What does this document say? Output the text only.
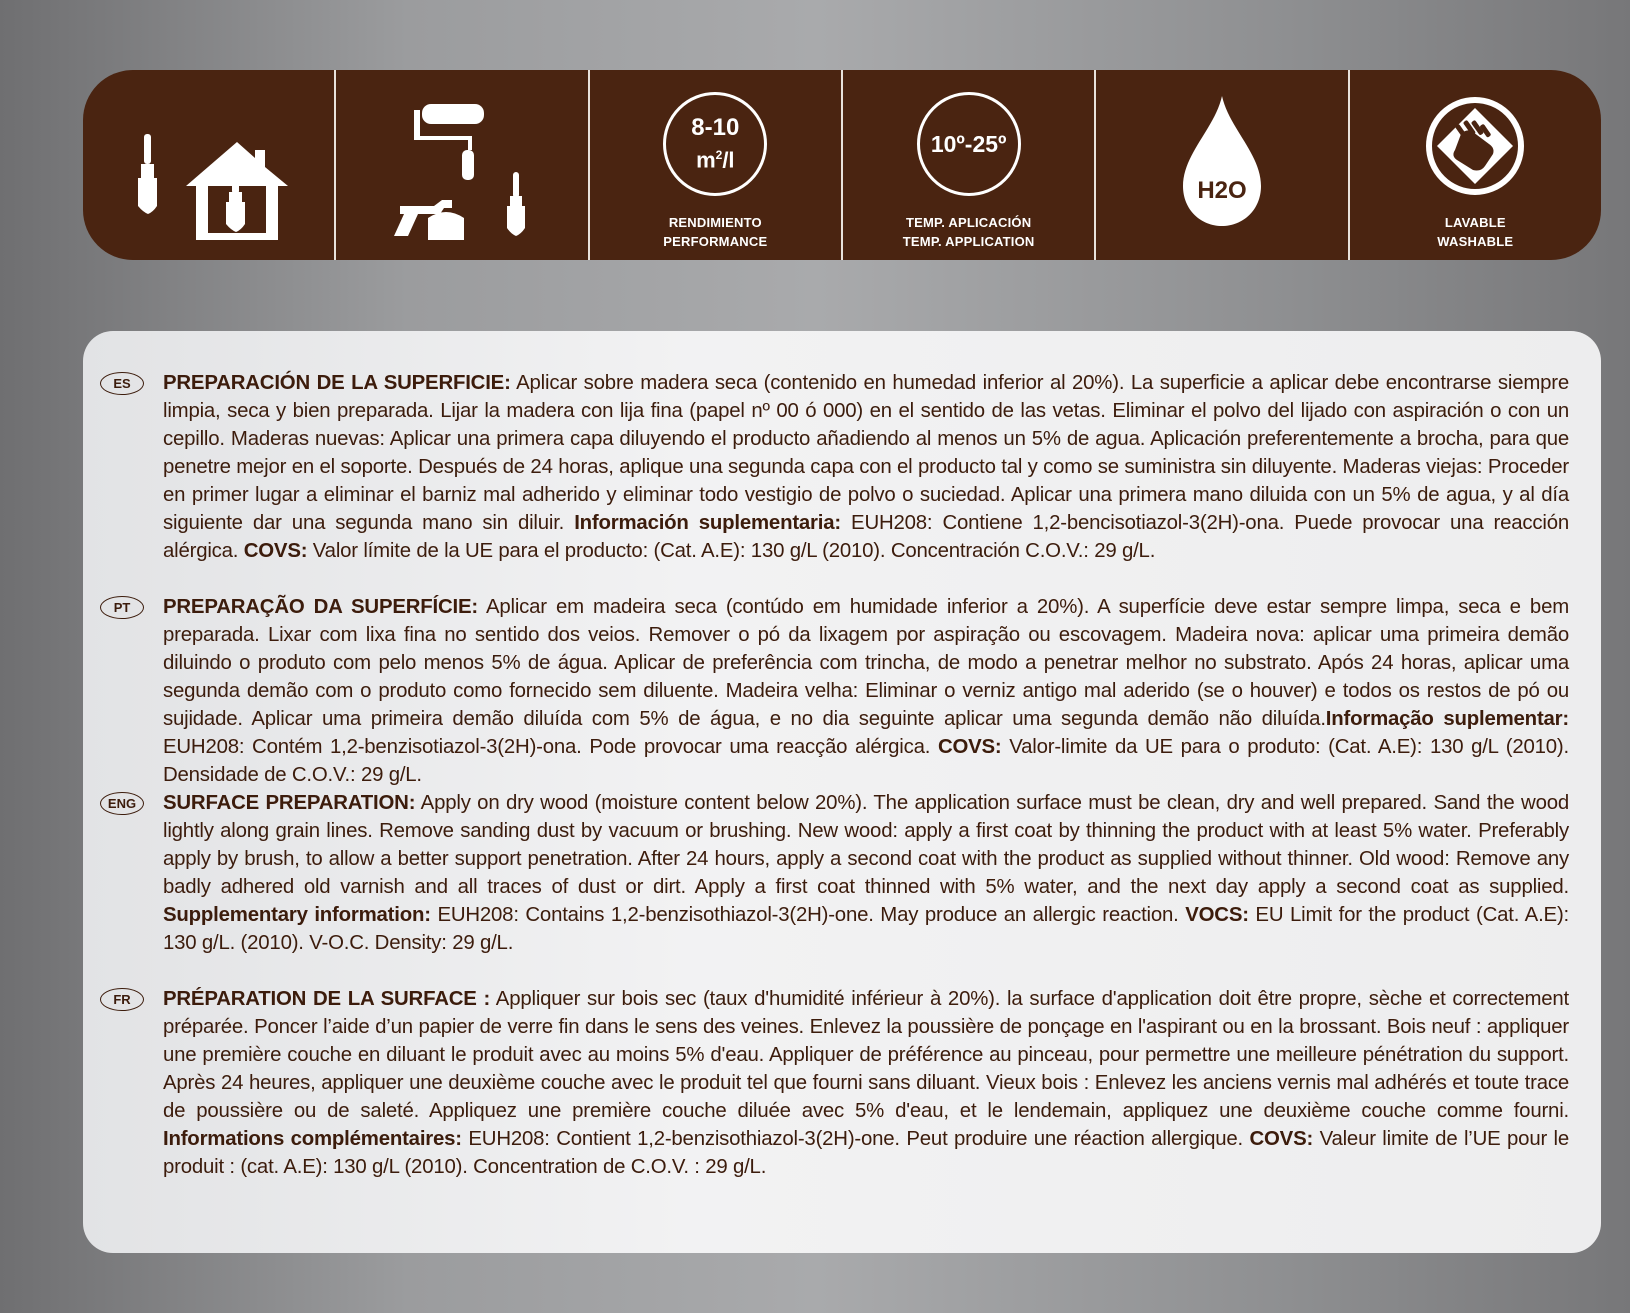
8-10
$m^2/l$
RENDIMIENTO
PERFORMANCE
10º-25º
TEMP. APLICACIÓN
TEMP. APPLICATION
H2O
LAVABLE
WASHABLE
ES	PREPARACIÓN DE LA SUPERFICIE: Aplicar sobre madera seca (contenido en humedad inferior al 20%). La superficie a aplicar debe encontrarse siempre limpia, seca y bien preparada. Lijar la madera con lija fina (papel nº 00 ó 000) en el sentido de las vetas. Eliminar el polvo del lijado con aspiración o con un cepillo. Maderas nuevas: Aplicar una primera capa diluyendo el producto añadiendo al menos un 5% de agua. Aplicación preferentemente a brocha, para que penetre mejor en el soporte. Después de 24 horas, aplique una segunda capa con el producto tal y como se suministra sin diluyente. Maderas viejas: Proceder en primer lugar a eliminar el barniz mal adherido y eliminar todo vestigio de polvo o suciedad. Aplicar una primera mano diluida con un 5% de agua, y al día siguiente dar una segunda mano sin diluir. Información suplementaria: EUH208: Contiene 1,2-bencisotiazol-3(2H)-ona. Puede provocar una reacción alérgica. COVS: Valor límite de la UE para el producto: (Cat. A.E): 130 g/L (2010). Concentración C.O.V.: 29 g/L.

PT	PREPARAÇÃO DA SUPERFÍCIE: Aplicar em madeira seca (contúdo em humidade inferior a 20%). A superfície deve estar sempre limpa, seca e bem preparada. Lixar com lixa fina no sentido dos veios. Remover o pó da lixagem por aspiração ou escovagem. Madeira nova: aplicar uma primeira demão diluindo o produto com pelo menos 5% de água. Aplicar de preferência com trincha, de modo a penetrar melhor no substrato. Após 24 horas, aplicar uma segunda demão com o produto como fornecido sem diluente. Madeira velha: Eliminar o verniz antigo mal aderido (se o houver) e todos os restos de pó ou sujidade. Aplicar uma primeira demão diluída com 5% de água, e no dia seguinte aplicar uma segunda demão não diluída.Informação suplementar: EUH208: Contém 1,2-benzisotiazol-3(2H)-ona. Pode provocar uma reacção alérgica. COVS: Valor-limite da UE para o produto: (Cat. A.E): 130 g/L (2010). Densidade de C.O.V.: 29 g/L.

ENG	SURFACE PREPARATION: Apply on dry wood (moisture content below 20%). The application surface must be clean, dry and well prepared. Sand the wood lightly along grain lines. Remove sanding dust by vacuum or brushing. New wood: apply a first coat by thinning the product with at least 5% water. Preferably apply by brush, to allow a better support penetration. After 24 hours, apply a second coat with the product as supplied without thinner. Old wood: Remove any badly adhered old varnish and all traces of dust or dirt. Apply a first coat thinned with 5% water, and the next day apply a second coat as supplied. Supplementary information: EUH208: Contains 1,2-benzisothiazol-3(2H)-one. May produce an allergic reaction. VOCS: EU Limit for the product (Cat. A.E): 130 g/L. (2010). V-O.C. Density: 29 g/L.

FR	PRÉPARATION DE LA SURFACE : Appliquer sur bois sec (taux d'humidité inférieur à 20%). la surface d'application doit être propre, sèche et correctement préparée. Poncer l’aide d’un papier de verre fin dans le sens des veines. Enlevez la poussière de ponçage en l'aspirant ou en la brossant. Bois neuf : appliquer une première couche en diluant le produit avec au moins 5% d'eau. Appliquer de préférence au pinceau, pour permettre une meilleure pénétration du support. Après 24 heures, appliquer une deuxième couche avec le produit tel que fourni sans diluant. Vieux bois : Enlevez les anciens vernis mal adhérés et toute trace de poussière ou de saleté. Appliquez une première couche diluée avec 5% d'eau, et le lendemain, appliquez une deuxième couche comme fourni. Informations complémentaires: EUH208: Contient 1,2-benzisothiazol-3(2H)-one. Peut produire une réaction allergique. COVS: Valeur limite de l’UE pour le produit : (cat. A.E): 130 g/L (2010). Concentration de C.O.V. : 29 g/L.
